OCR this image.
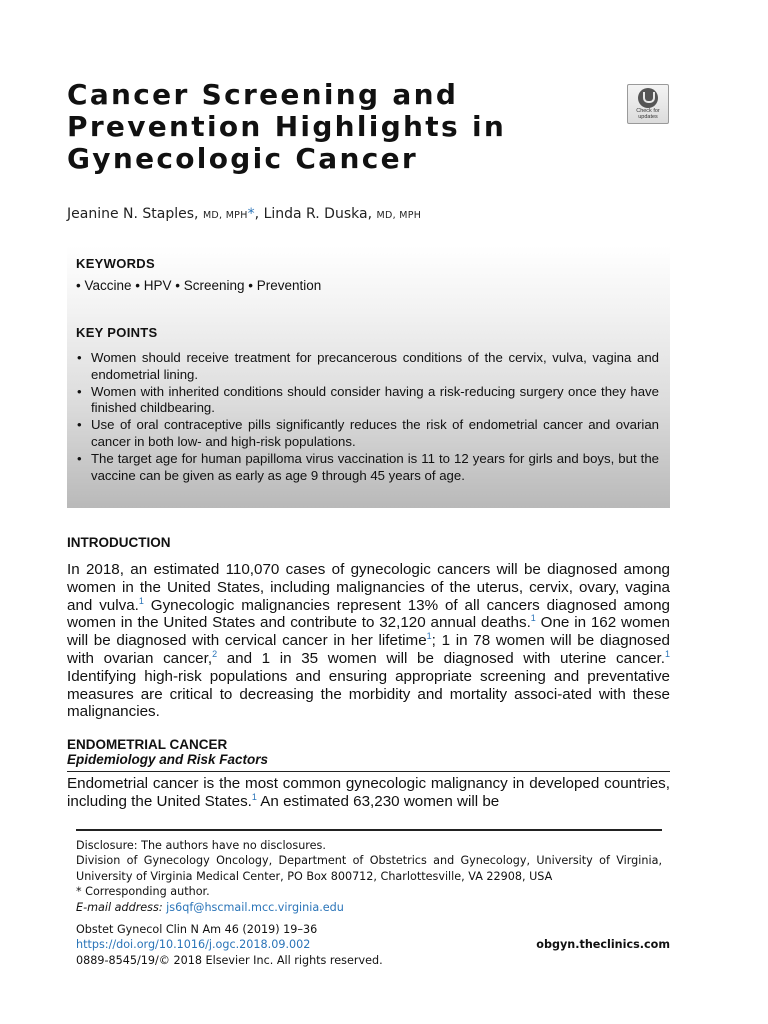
Cancer Screening and
Prevention Highlights in
Gynecologic Cancer
Check for
updates

Jeanine N. Staples, MD, MPH*, Linda R. Duska, MD, MPH

KEYWORDS
• Vaccine • HPV • Screening • Prevention
KEY POINTS
• Women should receive treatment for precancerous conditions of the cervix, vulva, vagina and endometrial lining.
• Women with inherited conditions should consider having a risk-reducing surgery once they have finished childbearing.
• Use of oral contraceptive pills significantly reduces the risk of endometrial cancer and ovarian cancer in both low- and high-risk populations.
• The target age for human papilloma virus vaccination is 11 to 12 years for girls and boys, but the vaccine can be given as early as age 9 through 45 years of age.
INTRODUCTION

In 2018, an estimated 110,070 cases of gynecologic cancers will be diagnosed among women in the United States, including malignancies of the uterus, cervix, ovary, vagina and vulva.$^1$ Gynecologic malignancies represent 13% of all cancers diagnosed among women in the United States and contribute to 32,120 annual deaths.$^1$ One in 162 women will be diagnosed with cervical cancer in her lifetime$^1$; 1 in 78 women will be diagnosed with ovarian cancer,$^2$ and 1 in 35 women will be diagnosed with uterine cancer.$^1$ Identifying high-risk populations and ensuring appropriate screening and preventative measures are critical to decreasing the morbidity and mortality associ-ated with these malignancies.

ENDOMETRIAL CANCER
Epidemiology and Risk Factors

Endometrial cancer is the most common gynecologic malignancy in developed countries, including the United States.$^1$ An estimated 63,230 women will be

Disclosure: The authors have no disclosures.

Division of Gynecology Oncology, Department of Obstetrics and Gynecology, University of Virginia, University of Virginia Medical Center, PO Box 800712, Charlottesville, VA 22908, USA

* Corresponding author.

E-mail address: js6qf@hscmail.mcc.virginia.edu

Obstet Gynecol Clin N Am 46 (2019) 19–36

https://doi.org/10.1016/j.ogc.2018.09.002

0889-8545/19/© 2018 Elsevier Inc. All rights reserved.

obgyn.theclinics.com
